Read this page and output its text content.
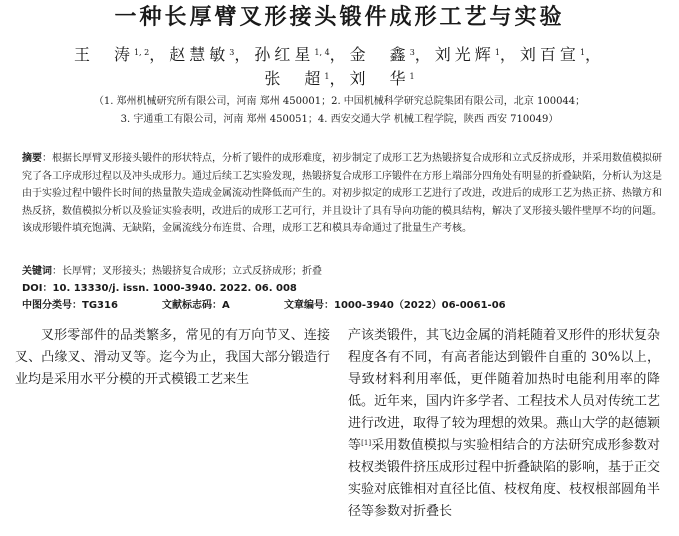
一种长厚臂叉形接头锻件成形工艺与实验
王　涛$^{1, 2}$，赵慧敏$^3$，孙红星$^{1, 4}$，金　鑫$^3$，刘光辉$^1$，刘百宣$^1$，
张　超$^1$，刘　华$^1$
（1. 郑州机械研究所有限公司，河南 郑州 450001；2. 中国机械科学研究总院集团有限公司，北京 100044；
3. 宇通重工有限公司，河南 郑州 450051；4. 西安交通大学 机械工程学院，陕西 西安 710049）
摘要：根据长厚臂叉形接头锻件的形状特点，分析了锻件的成形难度，初步制定了成形工艺为热锻挤复合成形和立式反挤成形，并采用数值模拟研究了各工序成形过程以及冲头成形力。通过后续工艺实验发现，热锻挤复合成形工序锻件在方形上端部分四角处有明显的折叠缺陷，分析认为这是由于实验过程中锻件长时间的热量散失造成金属流动性降低而产生的。对初步拟定的成形工艺进行了改进，改进后的成形工艺为热正挤、热镦方和热反挤，数值模拟分析以及验证实验表明，改进后的成形工艺可行，并且设计了具有导向功能的模具结构，解决了叉形接头锻件壁厚不均的问题。该成形锻件填充饱满、无缺陷，金属流线分布连贯、合理，成形工艺和模具寿命通过了批量生产考核。
关键词：长厚臂；叉形接头；热锻挤复合成形；立式反挤成形；折叠
DOI：10. 13330/j. issn. 1000-3940. 2022. 06. 008
中图分类号：TG316	文献标志码：A	文章编号：1000-3940（2022）06-0061-06
叉形零部件的品类繁多，常见的有万向节叉、连接叉、凸缘叉、滑动叉等。迄今为止，我国大部分锻造行业均是采用水平分模的开式模锻工艺来生
产该类锻件，其飞边金属的消耗随着叉形件的形状复杂程度各有不同，有高者能达到锻件自重的 30%以上，导致材料利用率低，更伴随着加热时电能利用率的降低。近年来，国内许多学者、工程技术人员对传统工艺进行改进，取得了较为理想的效果。燕山大学的赵德颖等[1]采用数值模拟与实验相结合的方法研究成形参数对枝杈类锻件挤压成形过程中折叠缺陷的影响，基于正交实验对底锥相对直径比值、枝杈角度、枝杈根部圆角半径等参数对折叠长
